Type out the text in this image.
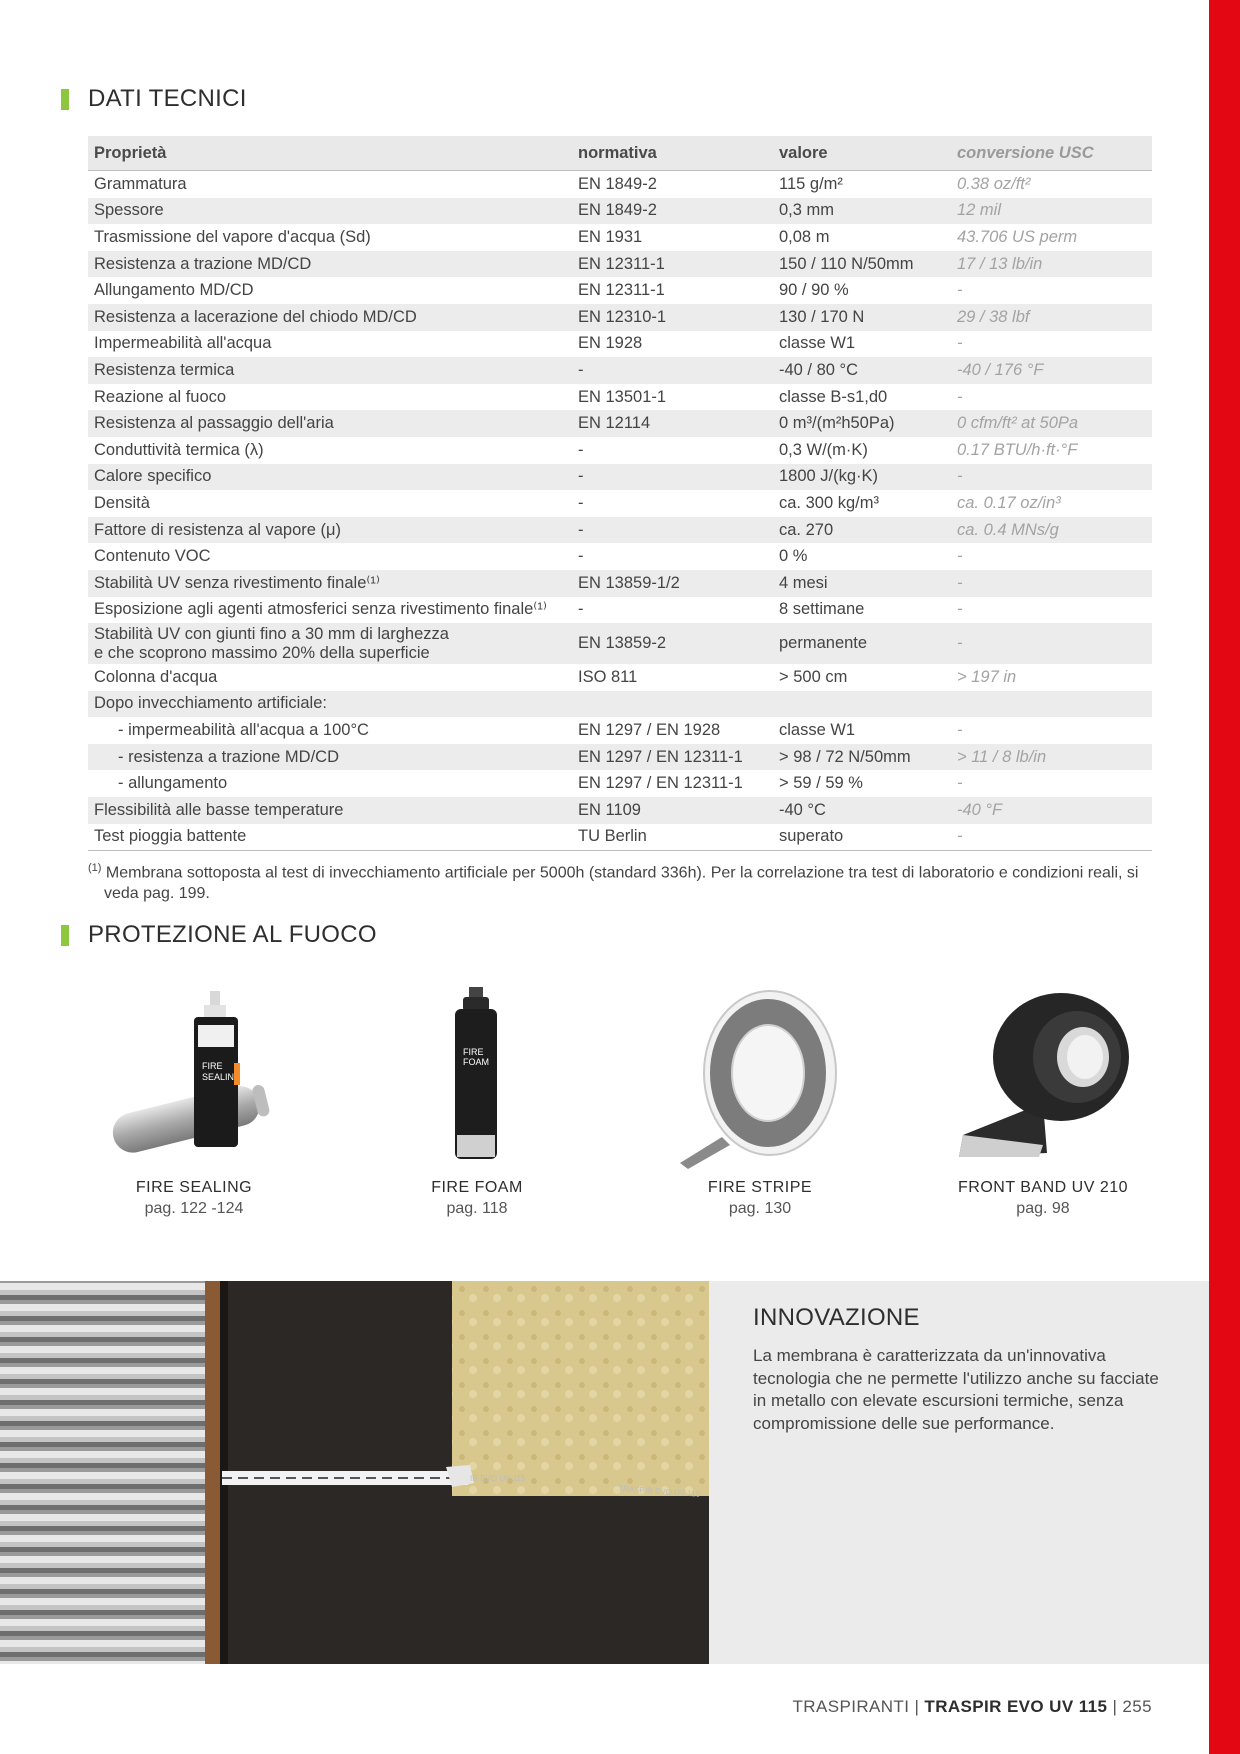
DATI TECNICI
Proprietà	normativa	valore	conversione USC
Grammatura	EN 1849-2	115 g/m²	0.38 oz/ft²
Spessore	EN 1849-2	0,3 mm	12 mil
Trasmissione del vapore d'acqua (Sd)	EN 1931	0,08 m	43.706 US perm
Resistenza a trazione MD/CD	EN 12311-1	150 / 110 N/50mm	17 / 13 lb/in
Allungamento MD/CD	EN 12311-1	90 / 90 %	-
Resistenza a lacerazione del chiodo MD/CD	EN 12310-1	130 / 170 N	29 / 38 lbf
Impermeabilità all'acqua	EN 1928	classe W1	-
Resistenza termica	-	-40 / 80 °C	-40 / 176 °F
Reazione al fuoco	EN 13501-1	classe B-s1,d0	-
Resistenza al passaggio dell'aria	EN 12114	0 m³/(m²h50Pa)	0 cfm/ft² at 50Pa
Conduttività termica (λ)	-	0,3 W/(m·K)	0.17 BTU/h·ft·°F
Calore specifico	-	1800 J/(kg·K)	-
Densità	-	ca. 300 kg/m³	ca. 0.17 oz/in³
Fattore di resistenza al vapore (μ)	-	ca. 270	ca. 0.4 MNs/g
Contenuto VOC	-	0 %	-
Stabilità UV senza rivestimento finale⁽¹⁾	EN 13859-1/2	4 mesi	-
Esposizione agli agenti atmosferici senza rivestimento finale⁽¹⁾	-	8 settimane	-
Stabilità UV con giunti fino a 30 mm di larghezza
e che scoprono massimo 20% della superficie	EN 13859-2	permanente	-
Colonna d'acqua	ISO 811	> 500 cm	> 197 in
Dopo invecchiamento artificiale:			
- impermeabilità all'acqua a 100°C	EN 1297 / EN 1928	classe W1	-
- resistenza a trazione MD/CD	EN 1297 / EN 12311-1	> 98 / 72 N/50mm	> 11 / 8 lb/in
- allungamento	EN 1297 / EN 12311-1	> 59 / 59 %	-
Flessibilità alle basse temperature	EN 1109	-40 °C	-40 °F
Test pioggia battente	TU Berlin	superato	-
$^{(1)}$ Membrana sottoposta al test di invecchiamento artificiale per 5000h (standard 336h). Per la correlazione tra test di laboratorio e condizioni reali, si veda pag. 199.
PROTEZIONE AL FUOCO
FIRE
SEALIN
FIRE SEALING
pag. 122 -124
FIRE
FOAM
FIRE FOAM
pag. 118
FIRE STRIPE
pag. 130
FRONT BAND UV 210
pag. 98
IR EVO UV 115
TRASPIR EVO UV 115
INNOVAZIONE
La membrana è caratterizzata da un'innovativa tecnologia che ne permette l'utilizzo anche su facciate in metallo con elevate escursioni termiche, senza compromissione delle sue performance.
TRASPIRANTI | TRASPIR EVO UV 115 | 255
